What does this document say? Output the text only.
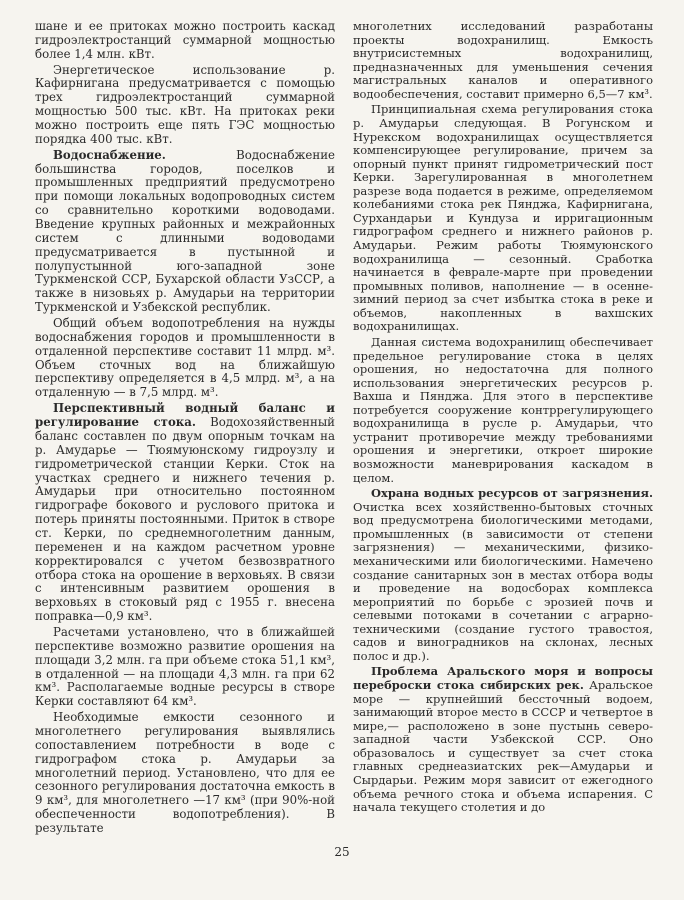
шане и ее притоках можно построить каскад гидроэлектростанций суммарной мощностью более 1,4 млн. кВт.

Энергетическое использование р. Кафирнигана предусматривается с помощью трех гидроэлектростанций суммарной мощностью 500 тыс. кВт. На притоках реки можно построить еще пять ГЭС мощностью порядка 400 тыс. кВт.

Водоснабжение. Водоснабжение большинства городов, поселков и промышленных предприятий предусмотрено при помощи локальных водопроводных систем со сравнительно короткими водоводами. Введение крупных районных и межрайонных систем с длинными водоводами предусматривается в пустынной и полупустынной юго-западной зоне Туркменской ССР, Бухарской области УзССР, а также в низовьях р. Амударьи на территории Туркменской и Узбекской республик.

Общий объем водопотребления на нужды водоснабжения городов и промышленности в отдаленной перспективе составит 11 млрд. м³. Объем сточных вод на ближайшую перспективу определяется в 4,5 млрд. м³, а на отдаленную — в 7,5 млрд. м³.

Перспективный водный баланс и регулирование стока. Водохозяйственный баланс составлен по двум опорным точкам на р. Амударье — Тюямуюнскому гидроузлу и гидрометрической станции Керки. Сток на участках среднего и нижнего течения р. Амударьи при относительно постоянном гидрографе бокового и руслового притока и потерь приняты постоянными. Приток в створе ст. Керки, по среднемноголетним данным, переменен и на каждом расчетном уровне корректировался с учетом безвозвратного отбора стока на орошение в верховьях. В связи с интенсивным развитием орошения в верховьях в стоковый ряд с 1955 г. внесена поправка—0,9 км³.

Расчетами установлено, что в ближайшей перспективе возможно развитие орошения на площади 3,2 млн. га при объеме стока 51,1 км³, в отдаленной — на площади 4,3 млн. га при 62 км³. Располагаемые водные ресурсы в створе Керки составляют 64 км³.

Необходимые емкости сезонного и многолетнего регулирования выявлялись сопоставлением потребности в воде с гидрографом стока р. Амударьи за многолетний период. Установлено, что для ее сезонного регулирования достаточна емкость в 9 км³, для многолетнего —17 км³ (при 90%-ной обеспеченности водопотребления). В результате

многолетних исследований разработаны проекты водохранилищ. Емкость внутрисистемных водохранилищ, предназначенных для уменьшения сечения магистральных каналов и оперативного водообеспечения, составит примерно 6,5—7 км³.

Принципиальная схема регулирования стока р. Амударьи следующая. В Рогунском и Нурекском водохранилищах осуществляется компенсирующее регулирование, причем за опорный пункт принят гидрометрический пост Керки. Зарегулированная в многолетнем разрезе вода подается в режиме, определяемом колебаниями стока рек Пянджа, Кафирнигана, Сурхандарьи и Кундуза и ирригационным гидрографом среднего и нижнего районов р. Амударьи. Режим работы Тюямуюнского водохранилища — сезонный. Сработка начинается в феврале-марте при проведении промывных поливов, наполнение — в осенне-зимний период за счет избытка стока в реке и объемов, накопленных в вахшских водохранилищах.

Данная система водохранилищ обеспечивает предельное регулирование стока в целях орошения, но недостаточна для полного использования энергетических ресурсов р. Вахша и Пянджа. Для этого в перспективе потребуется сооружение контррегулирующего водохранилища в русле р. Амударьи, что устранит противоречие между требованиями орошения и энергетики, откроет широкие возможности маневрирования каскадом в целом.

Охрана водных ресурсов от загрязнения. Очистка всех хозяйственно-бытовых сточных вод предусмотрена биологическими методами, промышленных (в зависимости от степени загрязнения) — механическими, физико-механическими или биологическими. Намечено создание санитарных зон в местах отбора воды и проведение на водосборах комплекса мероприятий по борьбе с эрозией почв и селевыми потоками в сочетании с аграрно-техническими (создание густого травостоя, садов и виноградников на склонах, лесных полос и др.).

Проблема Аральского моря и вопросы переброски стока сибирских рек. Аральское море — крупнейший бессточный водоем, занимающий второе место в СССР и четвертое в мире,— расположено в зоне пустынь северо-западной части Узбекской ССР. Оно образовалось и существует за счет стока главных среднеазиатских рек—Амударьи и Сырдарьи. Режим моря зависит от ежегодного объема речного стока и объема испарения. С начала текущего столетия и до

25
